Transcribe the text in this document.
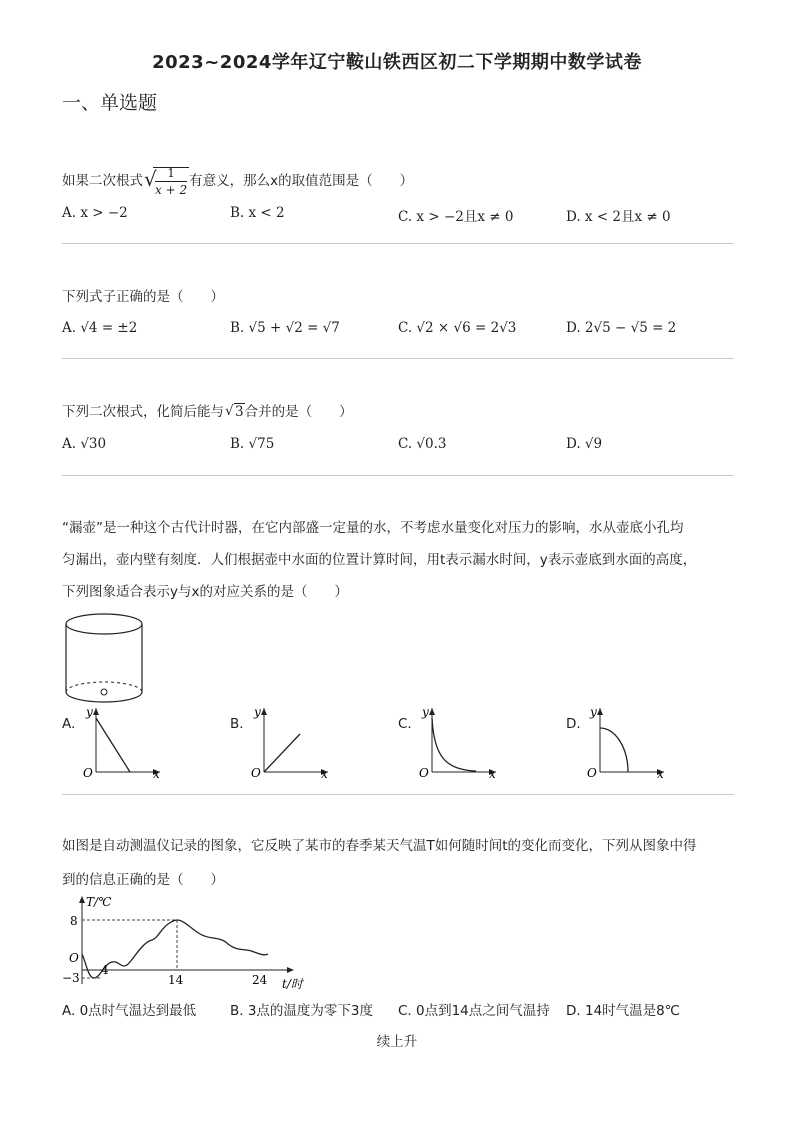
2023~2024学年辽宁鞍山铁西区初二下学期期中数学试卷
一、单选题
如果二次根式 √
$\frac{1}{x + 2}$ 有意义，那么x的取值范围是（　　）
A. x > −2	B. x < 2	C. x > −2且x ≠ 0	D. x < 2且x ≠ 0
下列式子正确的是（　　）
A. √4 = ±2	B. √5 + √2 = √7	C. √2 × √6 = 2√3	D. 2√5 − √5 = 2
下列二次根式，化简后能与 √ 3合并的是（　　）
A. √30	B. √75	C. √0.3	D. √9
“漏壶”是一种这个古代计时器，在它内部盛一定量的水，不考虑水量变化对压力的影响，水从壶底小孔均
匀漏出，壶内壁有刻度．人们根据壶中水面的位置计算时间，用t表示漏水时间，y表示壶底到水面的高度，
下列图象适合表示y与x的对应关系的是（　　）
A.
y
x
O
B.
y
x
O
C.
y
x
O
D.
y
x
O
如图是自动测温仪记录的图象，它反映了某市的春季某天气温T如何随时间t的变化而变化，下列从图象中得
到的信息正确的是（　　）
T/℃
8
O
−3
4
14	24 t/时
A. 0点时气温达到最低	B. 3点的温度为零下3度 C. 0点到14点之间气温持 D. 14时气温是8℃
续上升
